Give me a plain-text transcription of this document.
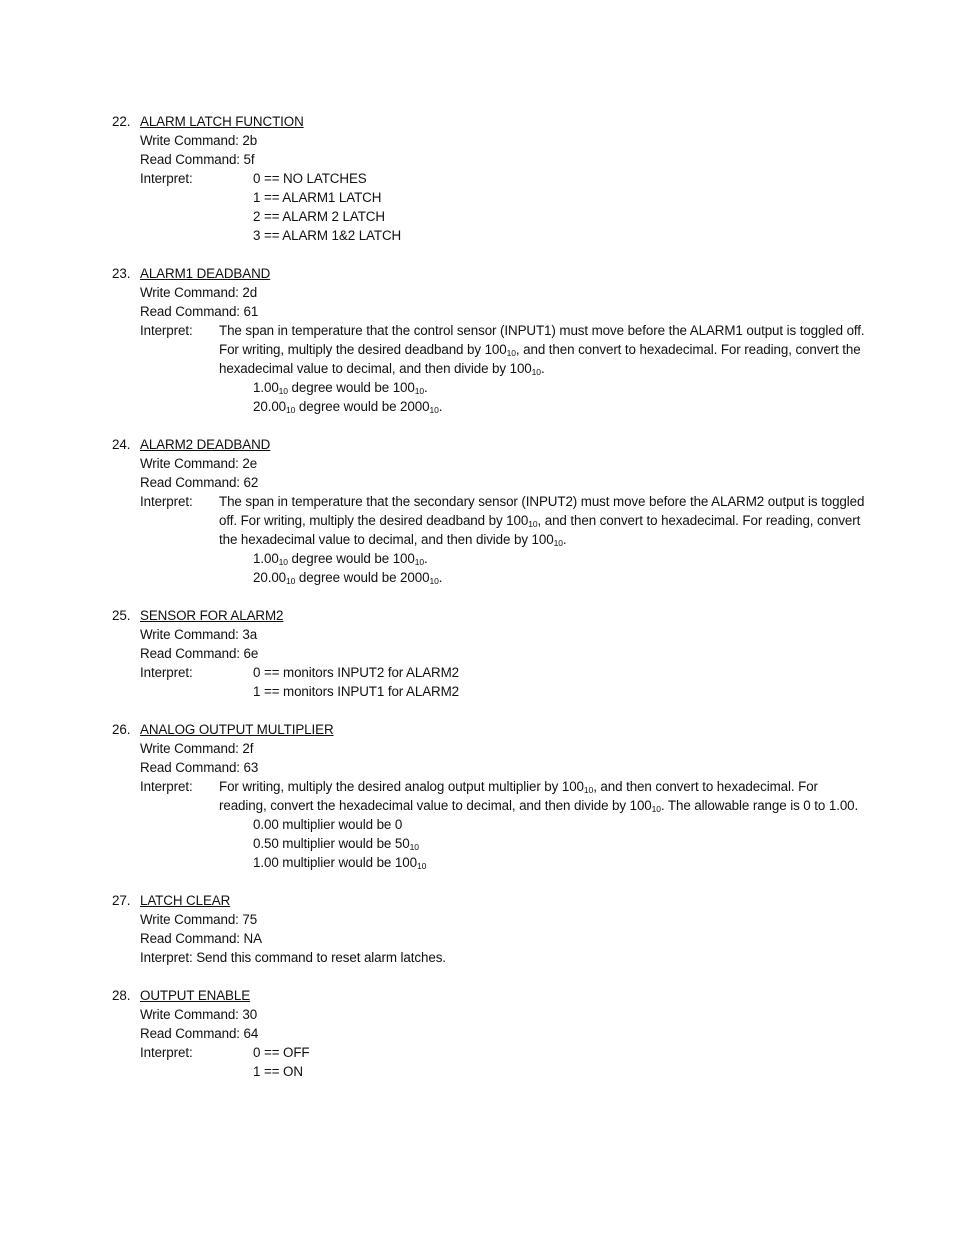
22. ALARM LATCH FUNCTION
Write Command: 2b
Read Command: 5f
Interpret:	0 == NO LATCHES
1 == ALARM1 LATCH
2 == ALARM 2 LATCH
3 == ALARM 1&2 LATCH
23. ALARM1 DEADBAND
Write Command: 2d
Read Command: 61
Interpret: The span in temperature that the control sensor (INPUT1) must move before the ALARM1 output is toggled off. For writing, multiply the desired deadband by $100_{10}$, and then convert to hexadecimal. For reading, convert the hexadecimal value to decimal, and then divide by $100_{10}$.
$1.00_{10}$ degree would be $100_{10}$.
$20.00_{10}$ degree would be $2000_{10}$.
24. ALARM2 DEADBAND
Write Command: 2e
Read Command: 62
Interpret: The span in temperature that the secondary sensor (INPUT2) must move before the ALARM2 output is toggled off. For writing, multiply the desired deadband by $100_{10}$, and then convert to hexadecimal. For reading, convert the hexadecimal value to decimal, and then divide by $100_{10}$.
$1.00_{10}$ degree would be $100_{10}$.
$20.00_{10}$ degree would be $2000_{10}$.
25. SENSOR FOR ALARM2
Write Command: 3a
Read Command: 6e
Interpret:	0 == monitors INPUT2 for ALARM2
1 == monitors INPUT1 for ALARM2
26. ANALOG OUTPUT MULTIPLIER
Write Command: 2f
Read Command: 63
Interpret: For writing, multiply the desired analog output multiplier by $100_{10}$, and then convert to hexadecimal. For reading, convert the hexadecimal value to decimal, and then divide by $100_{10}$. The allowable range is 0 to 1.00.
0.00 multiplier would be 0
0.50 multiplier would be $50_{10}$
1.00 multiplier would be $100_{10}$
27. LATCH CLEAR
Write Command: 75
Read Command: NA
Interpret: Send this command to reset alarm latches.
28. OUTPUT ENABLE
Write Command: 30
Read Command: 64
Interpret:	0 == OFF
1 == ON
